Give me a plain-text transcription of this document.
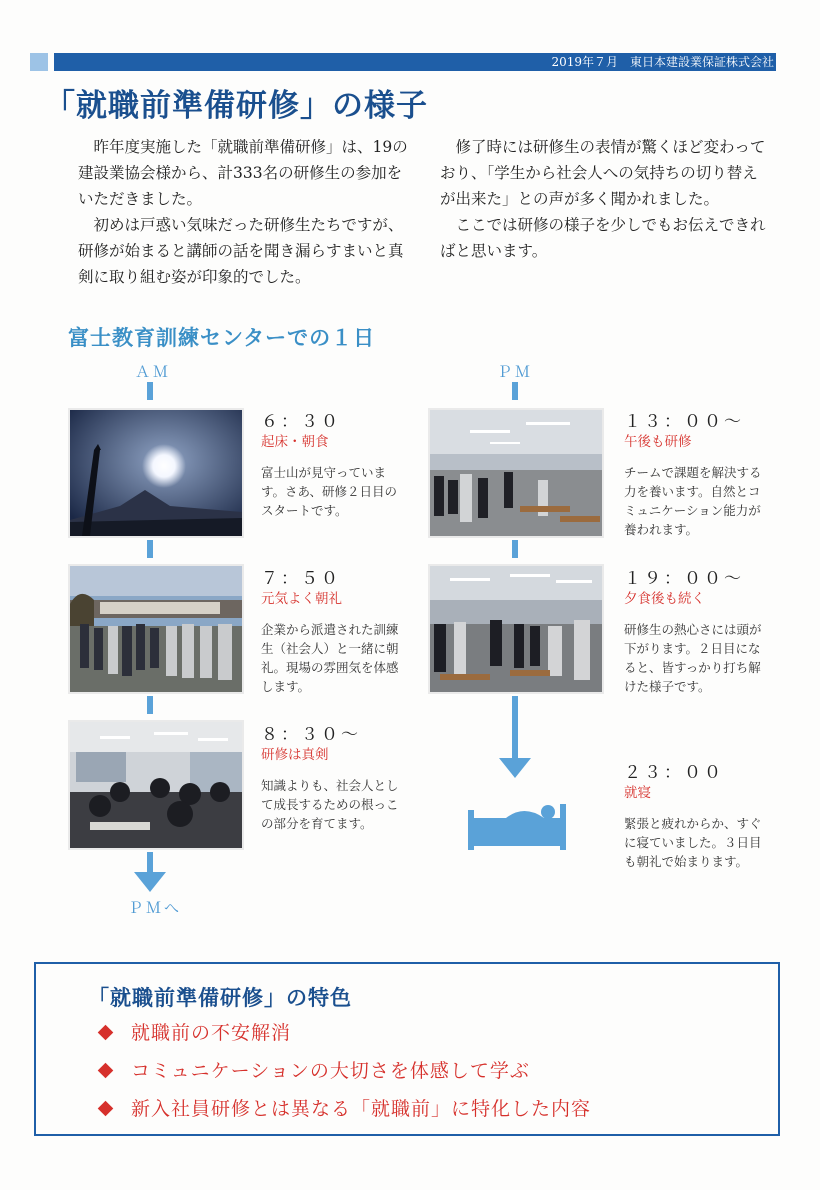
2019年７月　東日本建設業保証株式会社
「就職前準備研修」の様子

昨年度実施した「就職前準備研修」は、19の建設業協会様から、計333名の研修生の参加をいただきました。

初めは戸惑い気味だった研修生たちですが、研修が始まると講師の話を聞き漏らすまいと真剣に取り組む姿が印象的でした。

修了時には研修生の表情が驚くほど変わっており、「学生から社会人への気持ちの切り替えが出来た」との声が多く聞かれました。

ここでは研修の様子を少しでもお伝えできればと思います。

富士教育訓練センターでの１日
ＡＭ
６：３０
起床・朝食
富士山が見守っています。さあ、研修２日目のスタートです。
７：５０
元気よく朝礼
企業から派遣された訓練生（社会人）と一緒に朝礼。現場の雰囲気を体感します。
８：３０〜
研修は真剣
知識よりも、社会人として成長するための根っこの部分を育てます。
ＰＭへ
ＰＭ
１３：００〜
午後も研修
チームで課題を解決する力を養います。自然とコミュニケーション能力が養われます。
１９：００〜
夕食後も続く
研修生の熱心さには頭が下がります。２日目になると、皆すっかり打ち解けた様子です。
２３：００
就寝
緊張と疲れからか、すぐに寝ていました。３日目も朝礼で始まります。
「就職前準備研修」の特色
就職前の不安解消
コミュニケーションの大切さを体感して学ぶ
新入社員研修とは異なる「就職前」に特化した内容
